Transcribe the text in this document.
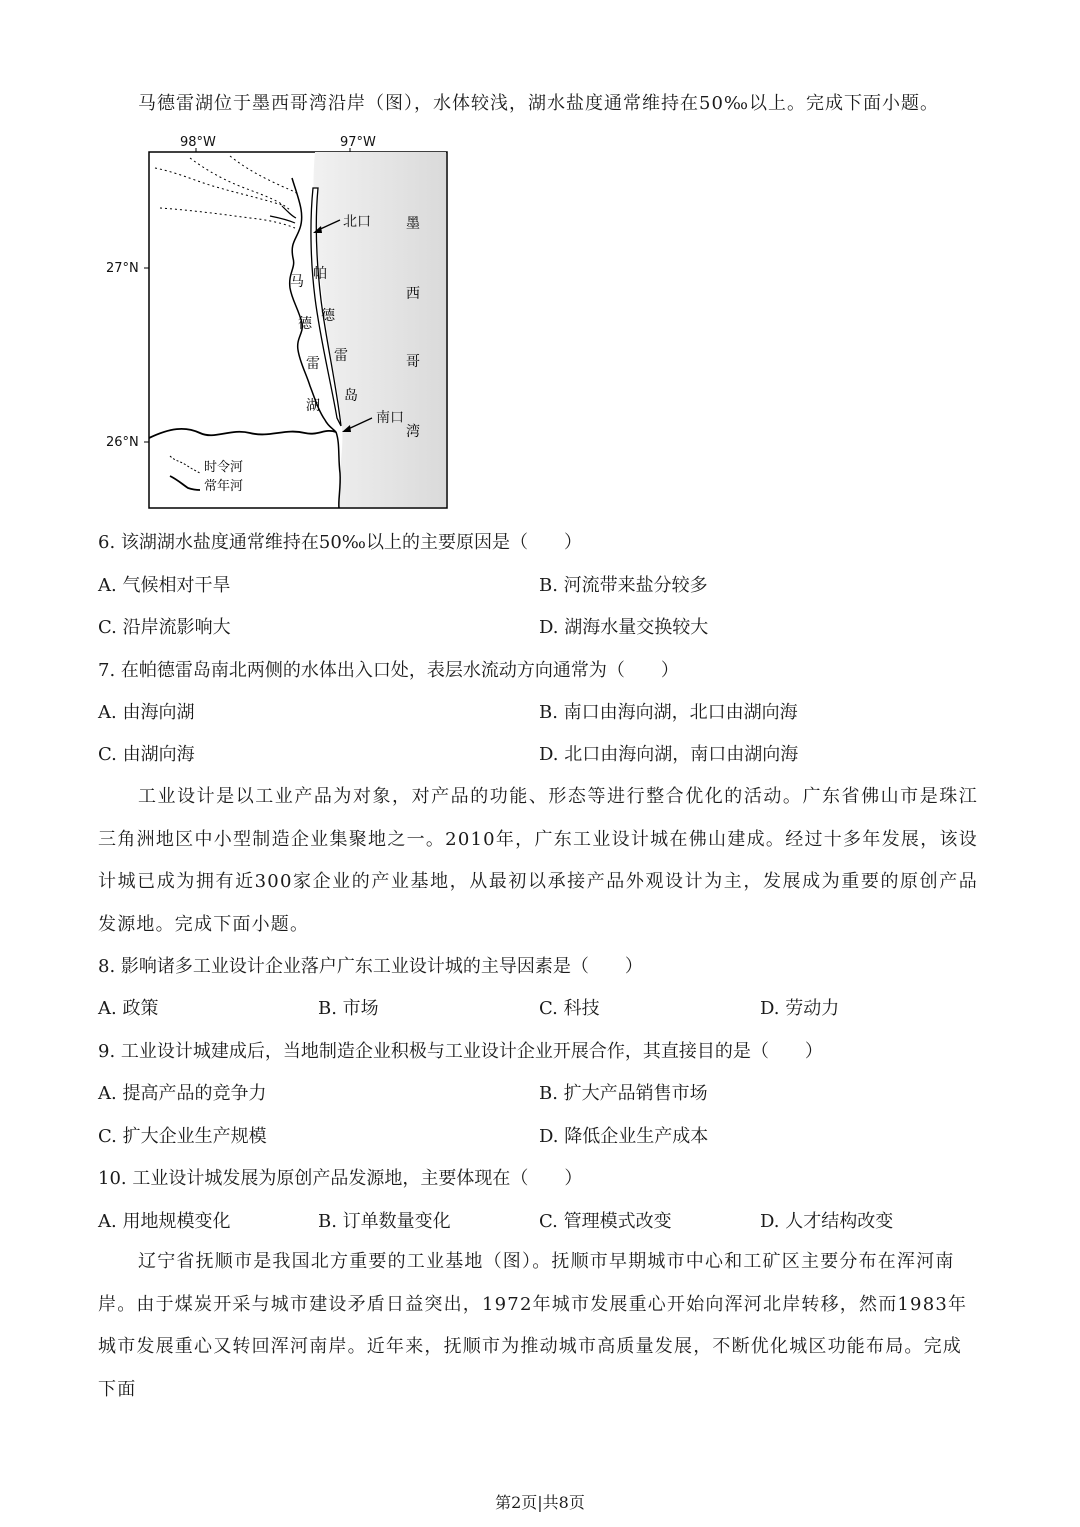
马德雷湖位于墨西哥湾沿岸（图），水体较浅，湖水盐度通常维持在50‰以上。完成下面小题。
98°W	97°W
27°N
26°N
北口
南口
马
德
雷
湖
帕
德
雷
岛
墨
西
哥
湾
时令河
常年河
6. 该湖湖水盐度通常维持在50‰以上的主要原因是（　　）
A. 气候相对干旱	B. 河流带来盐分较多
C. 沿岸流影响大	D. 湖海水量交换较大
7. 在帕德雷岛南北两侧的水体出入口处，表层水流动方向通常为（　　）
A. 由海向湖	B. 南口由海向湖，北口由湖向海
C. 由湖向海	D. 北口由海向湖，南口由湖向海
工业设计是以工业产品为对象，对产品的功能、形态等进行整合优化的活动。广东省佛山市是珠江三角洲地区中小型制造企业集聚地之一。2010年，广东工业设计城在佛山建成。经过十多年发展，该设计城已成为拥有近300家企业的产业基地，从最初以承接产品外观设计为主，发展成为重要的原创产品发源地。完成下面小题。
8. 影响诸多工业设计企业落户广东工业设计城的主导因素是（　　）
A. 政策	B. 市场	C. 科技	D. 劳动力
9. 工业设计城建成后，当地制造企业积极与工业设计企业开展合作，其直接目的是（　　）
A. 提高产品的竞争力	B. 扩大产品销售市场
C. 扩大企业生产规模	D. 降低企业生产成本
10. 工业设计城发展为原创产品发源地，主要体现在（　　）
A. 用地规模变化	B. 订单数量变化	C. 管理模式改变	D. 人才结构改变
辽宁省抚顺市是我国北方重要的工业基地（图）。抚顺市早期城市中心和工矿区主要分布在浑河南岸。由于煤炭开采与城市建设矛盾日益突出，1972年城市发展重心开始向浑河北岸转移，然而1983年城市发展重心又转回浑河南岸。近年来，抚顺市为推动城市高质量发展，不断优化城区功能布局。完成下面
第2页|共8页
